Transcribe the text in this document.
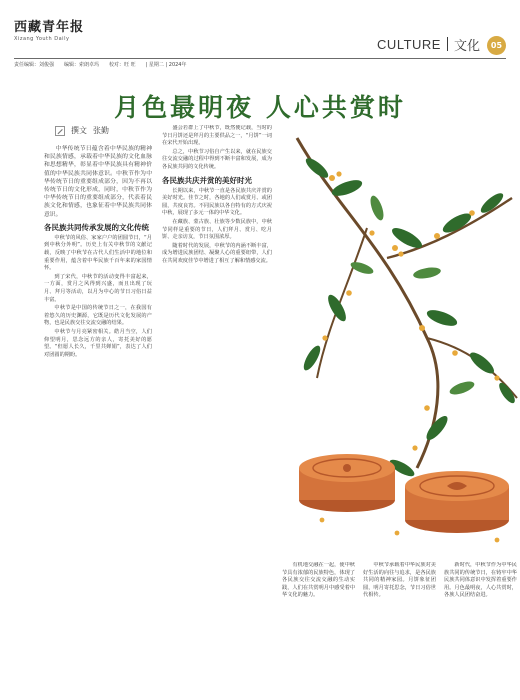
西藏青年报
Xizang Youth Daily	CULTURE 文化	05
责任编辑：刘俊强 编辑：索朗卓玛 校对：旺 旺 | 星期二 | 2024年
月色最明夜 人心共赏时
撰文 张勤

中华传统节日蕴含着中华民族的精神和民族情感，承载着中华民族的文化血脉和思想精华，彰显着中华民族具有精神价值的中华民族共同体意识。中秋节作为中华传统节日的重要组成部分，因为不再以传统节日的文化形成，同时，中秋节作为中华传统节日的重要组成部分，代表着民族文化和情感，也象征着中华民族共同体意识。

各民族共同传承发展的文化传统

中秋节的风俗、家家户户的团圆节日，“月到中秋分外明”。历史上有关中秋节的文献记载，反映了中秋节在古代人们生活中的地位和重要作用，蕴含着中华民族千百年来的家国情怀。

到了宋代，中秋节的活动变得丰富起来，一方面，赏月之风得到兴盛，而且出现了玩月、拜月等活动，以月为中心的节日习俗日益丰富。

中秋节是中国的传统节日之一，在我国有着悠久的历史渊源，它既是历代文化发展的产物，也是民族交往交流交融的结果。

中秋节与月亮紧密相关。皓月当空，人们仰望明月，思念远方的亲人，寄托美好的愿望。“但愿人长久，千里共婵娟”，表达了人们对团圆的期盼。

盛会若群上了中秋节，既然便记载，当时的节日月饼还是拜月的主要供品之一，“月饼”一词在宋代开始出现。

总之，中秋节习俗自产生以来，就在民族交往交流交融的过程中得到不断丰富和发展，成为各民族共同的文化传统。

各民族共庆并赏的美好时光

长期以来，中秋节一直是各民族共庆并赏的美好时光。佳节之时，各地的人们或赏月、或团圆，共度良宵。不同民族以各自特有的方式庆祝中秋，展现了多元一体的中华文化。

在藏族、蒙古族、壮族等少数民族中，中秋节同样是重要的节日，人们拜月、赏月、吃月饼、走亲访友，节日氛围浓厚。

随着时代的发展，中秋节的内涵不断丰富，成为增进民族团结、凝聚人心的重要纽带，人们在共同欢度佳节中增进了相互了解和情感交流。

有机地交融在一起，使中秋节具有浓郁的民族特色，体现了各民族交往交流交融的生动实践，人们在共赏明月中感受着中华文化的魅力。

中秋节承载着中华民族对美好生活的向往与追求，是各民族共同的精神家园。月饼象征团圆，明月寄托思念，节日习俗世代相传。

新时代，中秋节作为中华民族共同的传统节日，在铸牢中华民族共同体意识中发挥着重要作用。月色最明夜，人心共赏时，各族人民团结奋进。
